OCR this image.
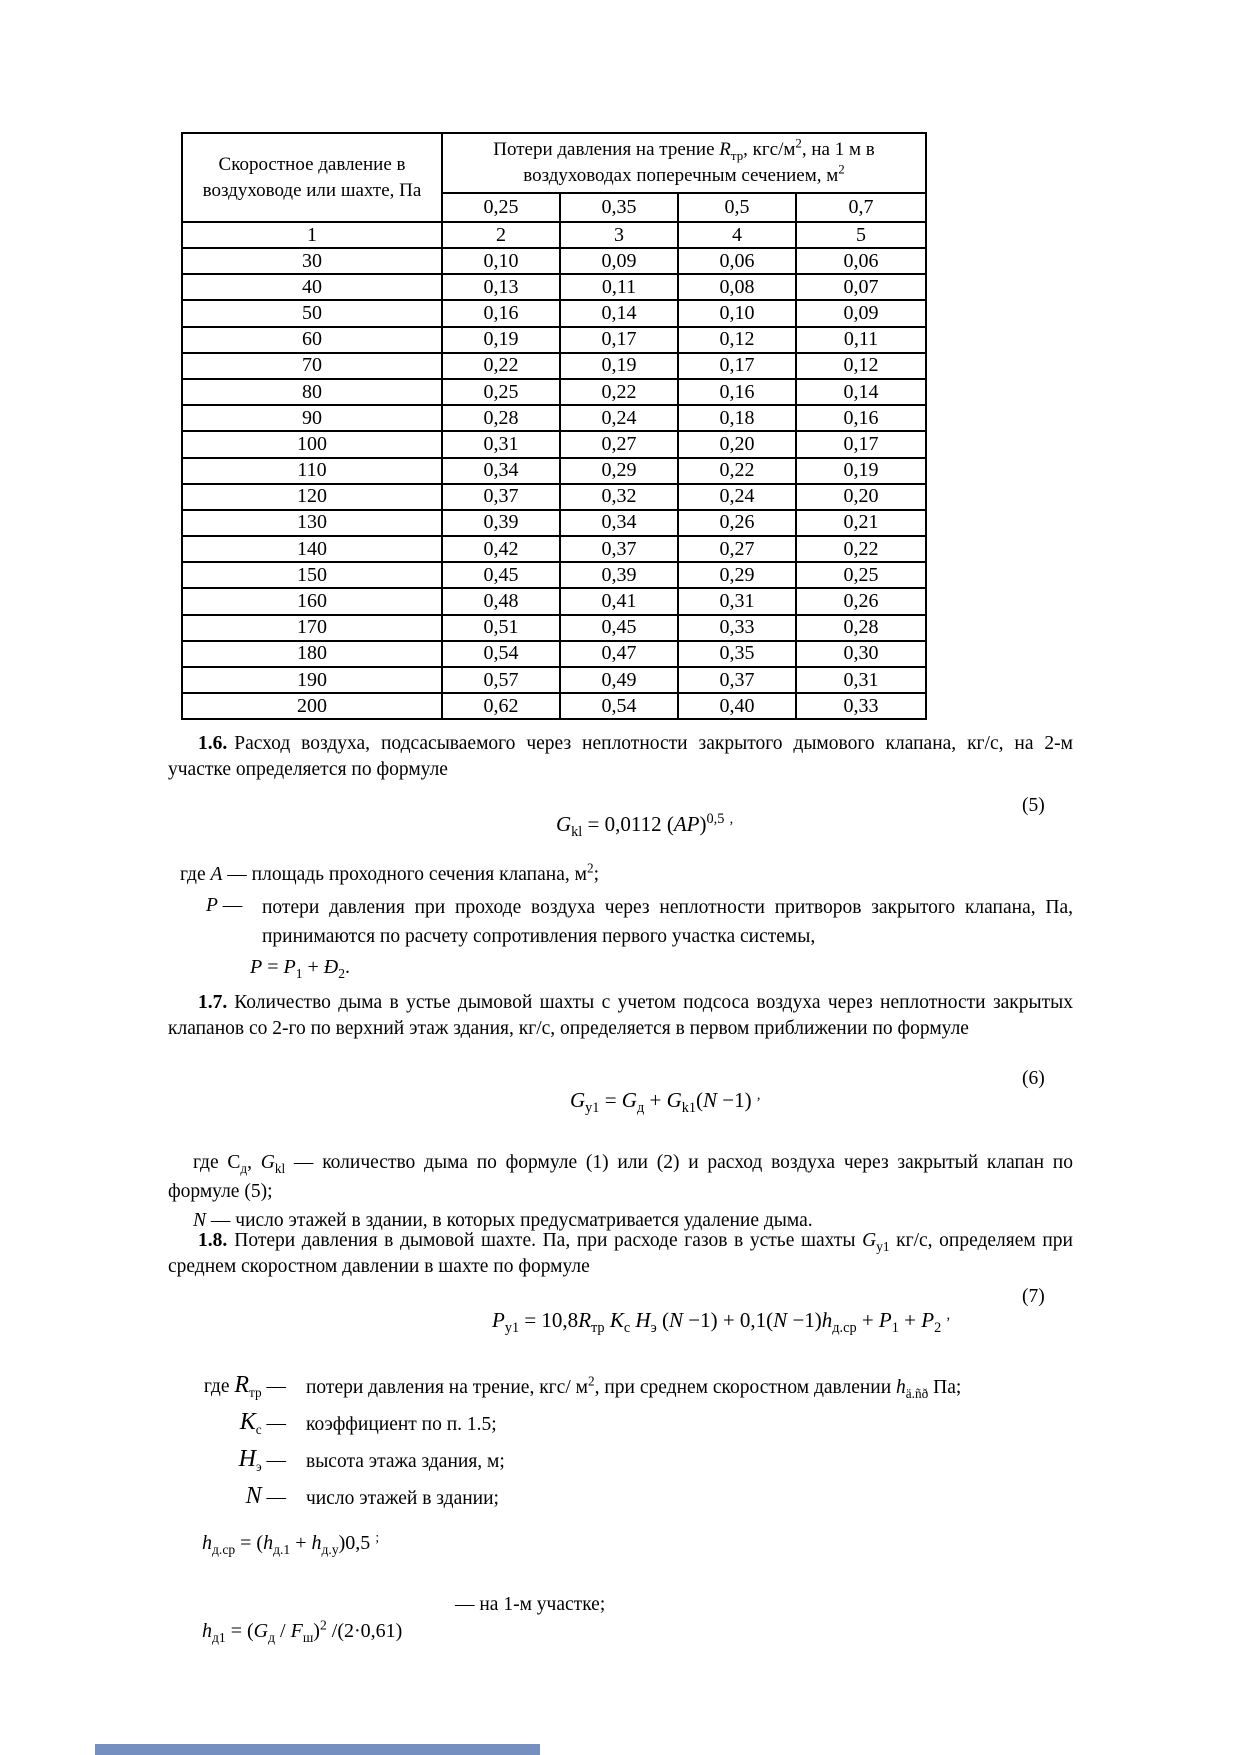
Скоростное давление в воздуховоде или шахте, Па	Потери давления на трение $R_{тр}$, кгс/$м^2$, на 1 м в воздуховодах поперечным сечением, $м^2$
	0,25	0,35	0,5	0,7
1	2	3	4	5
30	0,10	0,09	0,06	0,06
40	0,13	0,11	0,08	0,07
50	0,16	0,14	0,10	0,09
60	0,19	0,17	0,12	0,11
70	0,22	0,19	0,17	0,12
80	0,25	0,22	0,16	0,14
90	0,28	0,24	0,18	0,16
100	0,31	0,27	0,20	0,17
110	0,34	0,29	0,22	0,19
120	0,37	0,32	0,24	0,20
130	0,39	0,34	0,26	0,21
140	0,42	0,37	0,27	0,22
150	0,45	0,39	0,29	0,25
160	0,48	0,41	0,31	0,26
170	0,51	0,45	0,33	0,28
180	0,54	0,47	0,35	0,30
190	0,57	0,49	0,37	0,31
200	0,62	0,54	0,40	0,33

1.6. Расход воздуха, подсасываемого через неплотности закрытого дымового клапана, кг/с, на 2-м участке определяется по формуле

(5)
$G_{kl} = 0,0112$ (AP)$^{0,5}$ ,

где A — площадь проходного сечения клапана, $м^2$;

P —	потери давления при проходе воздуха через неплотности притворов закрытого клапана, Па, принимаются по расчету сопротивления первого участка системы,

$P = P_1$ + $Đ_2$.

1.7. Количество дыма в устье дымовой шахты с учетом подсоса воздуха через неплотности закрытых клапанов со 2-го по верхний этаж здания, кг/с, определяется в первом приближении по формуле

(6)
$G_{у1} = G_д + G_{k1}(N -1)$ ,

где $С_д$, $G_{kl}$ — количество дыма по формуле (1) или (2) и расход воздуха через закрытый клапан по формуле (5);

N — число этажей в здании, в которых предусматривается удаление дыма.

1.8. Потери давления в дымовой шахте. Па, при расходе газов в устье шахты $G_{у1}$ кг/с, определяем при среднем скоростном давлении в шахте по формуле

(7)
$P_{у1} = 10,8R_{тр}$ $K_с$ $H_э$ $(N -1) + 0,1(N -1)h_{д.ср} + P_1 + P_2$ ,
где $R_{тр}$ —	потери давления на трение, кгс/ $м^2$, при среднем скоростном давлении $h_{ä.ñð}$ Па;
$K_с$ —	коэффициент по п. 1.5;
$H_э$ —	высота этажа здания, м;
N —	число этажей в здании;
$h_{д.ср} = (h_{д.1} + h_{д.у})0,5$ ;
— на 1-м участке;
$h_{д1} = (G_д / F_ш)^2$ /(2·0,61)
